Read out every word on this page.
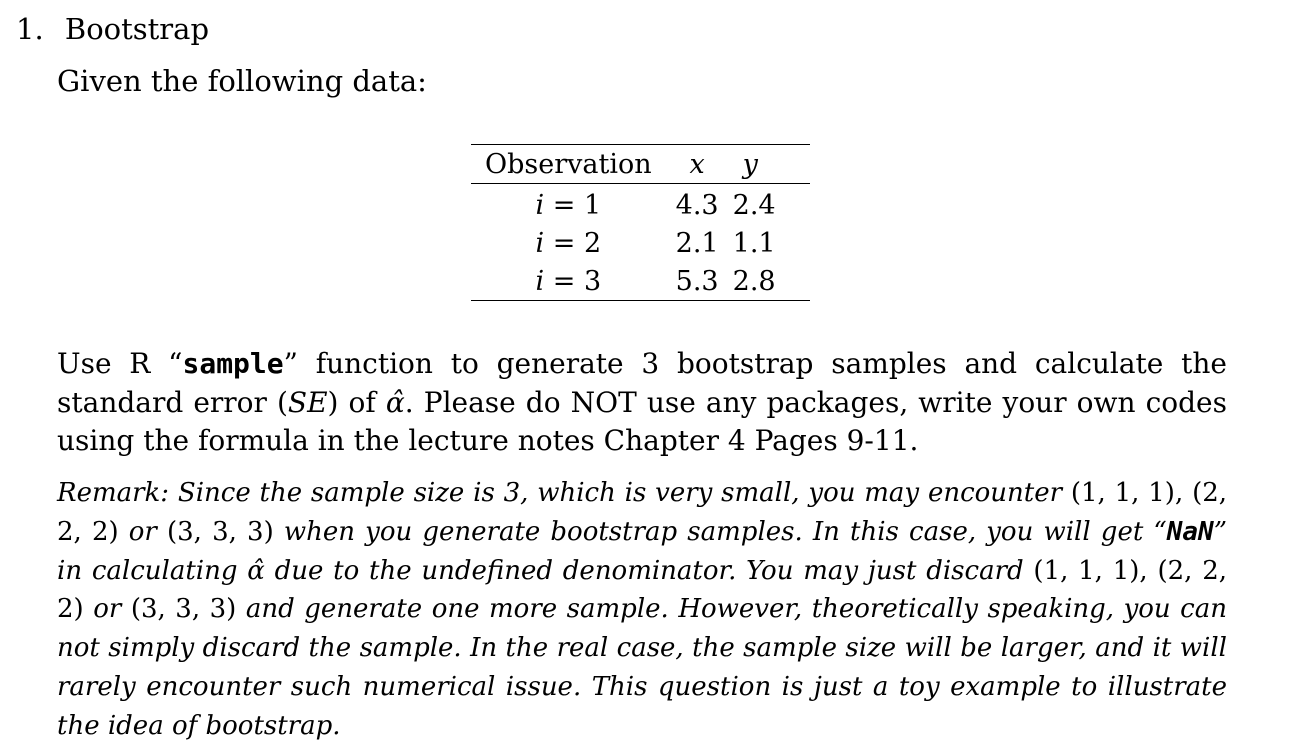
1. Bootstrap
Given the following data:
Observation	x	y
i = 1	4.3	2.4
i = 2	2.1	1.1
i = 3	5.3	2.8
Use R “sample” function to generate 3 bootstrap samples and calculate the standard error (SE) of α̂. Please do NOT use any packages, write your own codes using the formula in the lecture notes Chapter 4 Pages 9-11.
Remark: Since the sample size is 3, which is very small, you may encounter (1, 1, 1), (2, 2, 2) or (3, 3, 3) when you generate bootstrap samples. In this case, you will get “NaN” in calculating α̂ due to the undefined denominator. You may just discard (1, 1, 1), (2, 2, 2) or (3, 3, 3) and generate one more sample. However, theoretically speaking, you can not simply discard the sample. In the real case, the sample size will be larger, and it will rarely encounter such numerical issue. This question is just a toy example to illustrate the idea of bootstrap.
